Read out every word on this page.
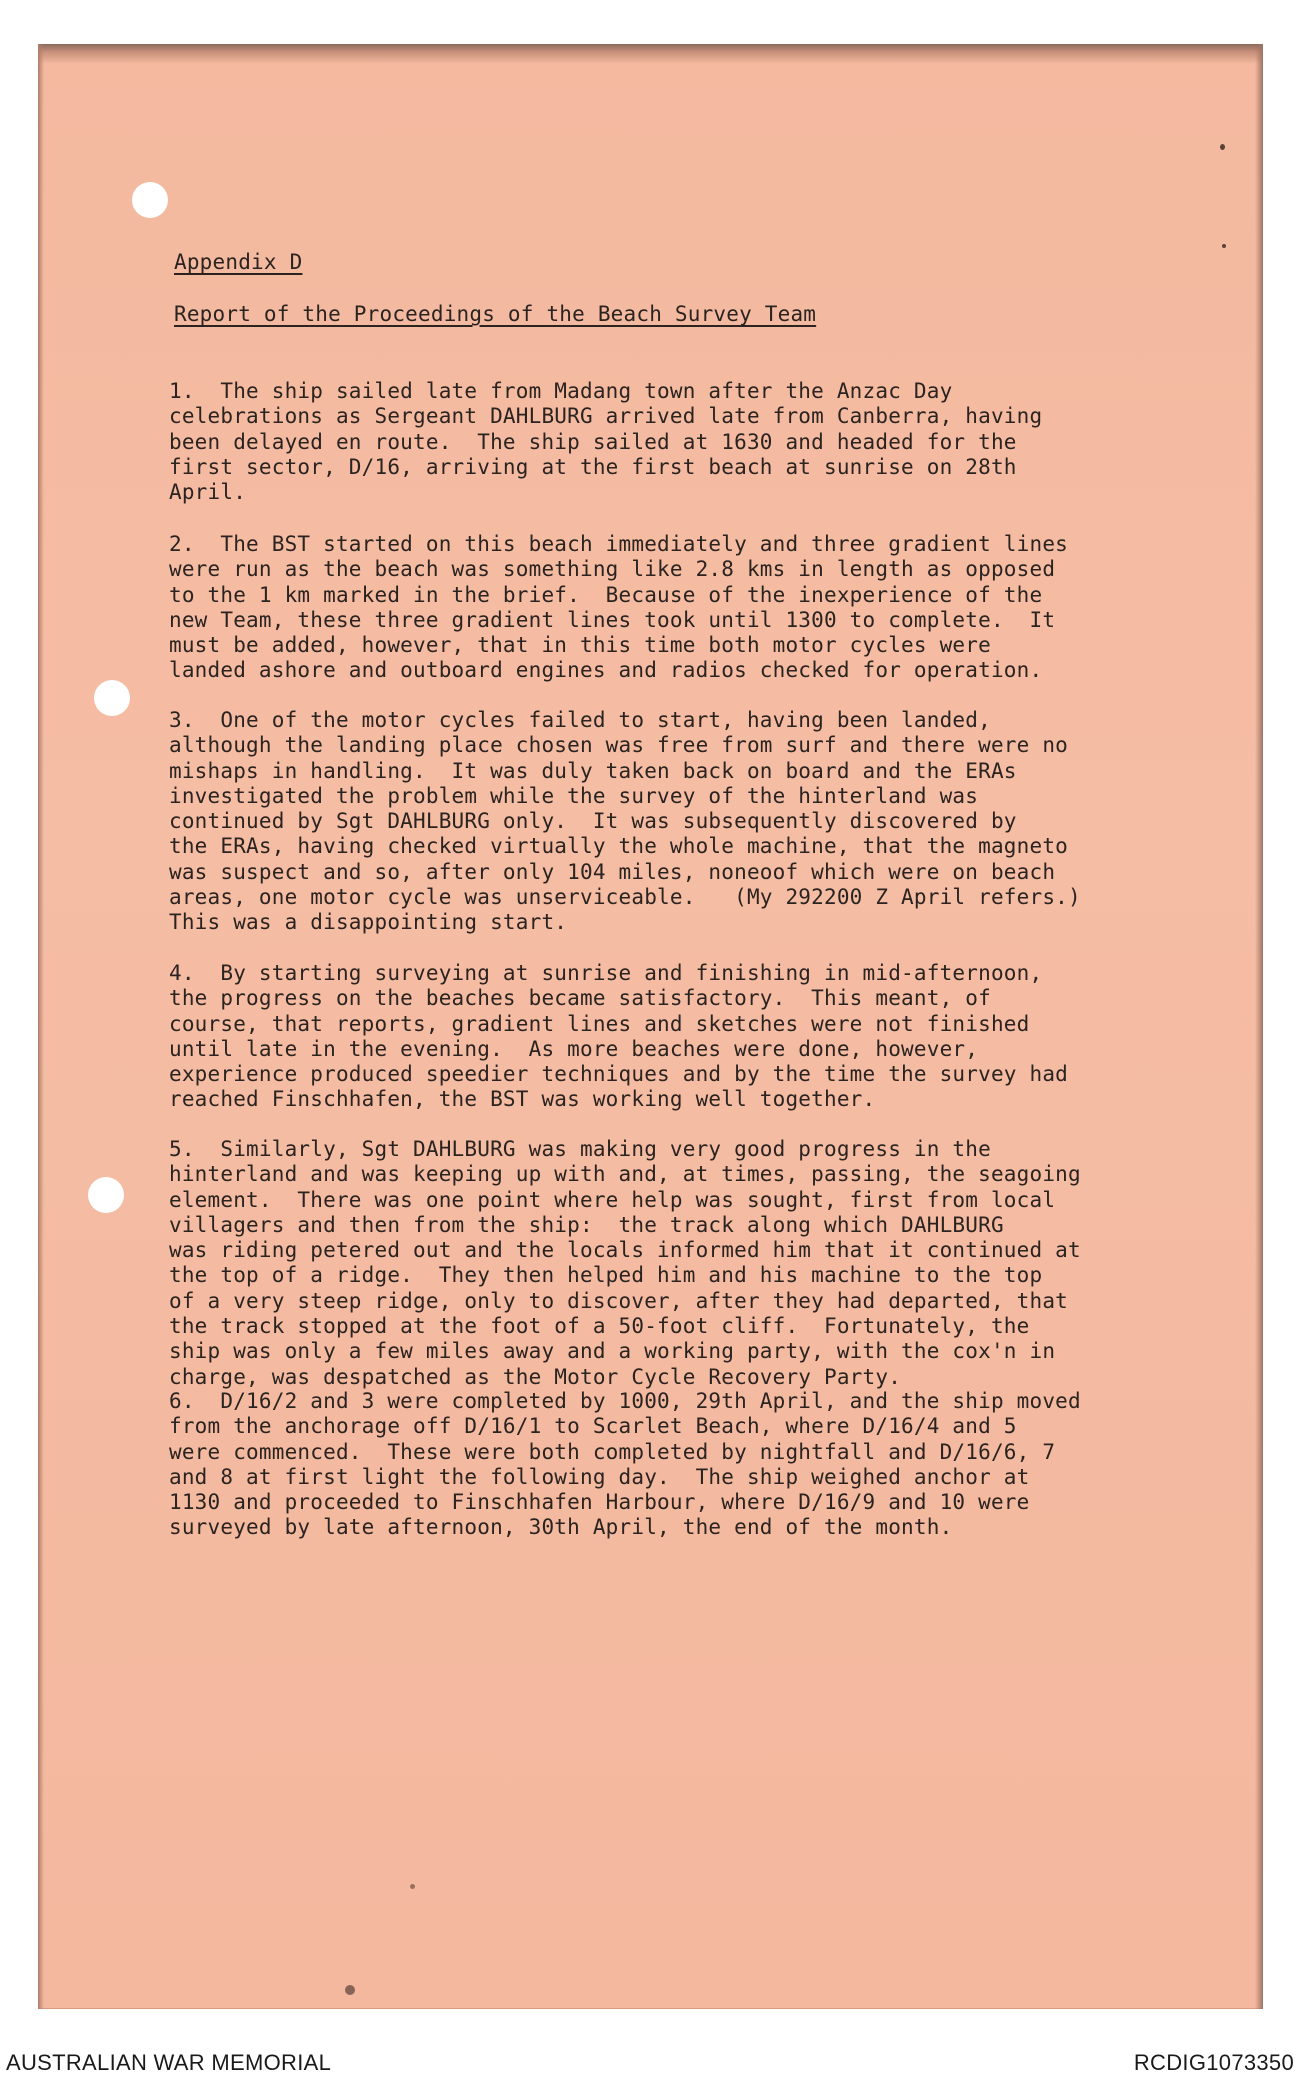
Appendix D
Report of the Proceedings of the Beach Survey Team
1.  The ship sailed late from Madang town after the Anzac Day
celebrations as Sergeant DAHLBURG arrived late from Canberra, having
been delayed en route.  The ship sailed at 1630 and headed for the
first sector, D/16, arriving at the first beach at sunrise on 28th
April.
2.  The BST started on this beach immediately and three gradient lines
were run as the beach was something like 2.8 kms in length as opposed
to the 1 km marked in the brief.  Because of the inexperience of the
new Team, these three gradient lines took until 1300 to complete.  It
must be added, however, that in this time both motor cycles were
landed ashore and outboard engines and radios checked for operation.
3.  One of the motor cycles failed to start, having been landed,
although the landing place chosen was free from surf and there were no
mishaps in handling.  It was duly taken back on board and the ERAs
investigated the problem while the survey of the hinterland was
continued by Sgt DAHLBURG only.  It was subsequently discovered by
the ERAs, having checked virtually the whole machine, that the magneto
was suspect and so, after only 104 miles, noneoof which were on beach
areas, one motor cycle was unserviceable.   (My 292200 Z April refers.)
This was a disappointing start.
4.  By starting surveying at sunrise and finishing in mid-afternoon,
the progress on the beaches became satisfactory.  This meant, of
course, that reports, gradient lines and sketches were not finished
until late in the evening.  As more beaches were done, however,
experience produced speedier techniques and by the time the survey had
reached Finschhafen, the BST was working well together.
5.  Similarly, Sgt DAHLBURG was making very good progress in the
hinterland and was keeping up with and, at times, passing, the seagoing
element.  There was one point where help was sought, first from local
villagers and then from the ship:  the track along which DAHLBURG
was riding petered out and the locals informed him that it continued at
the top of a ridge.  They then helped him and his machine to the top
of a very steep ridge, only to discover, after they had departed, that
the track stopped at the foot of a 50-foot cliff.  Fortunately, the
ship was only a few miles away and a working party, with the cox'n in
charge, was despatched as the Motor Cycle Recovery Party.
6.  D/16/2 and 3 were completed by 1000, 29th April, and the ship moved
from the anchorage off D/16/1 to Scarlet Beach, where D/16/4 and 5
were commenced.  These were both completed by nightfall and D/16/6, 7
and 8 at first light the following day.  The ship weighed anchor at
1130 and proceeded to Finschhafen Harbour, where D/16/9 and 10 were
surveyed by late afternoon, 30th April, the end of the month.
AUSTRALIAN WAR MEMORIAL	RCDIG1073350
